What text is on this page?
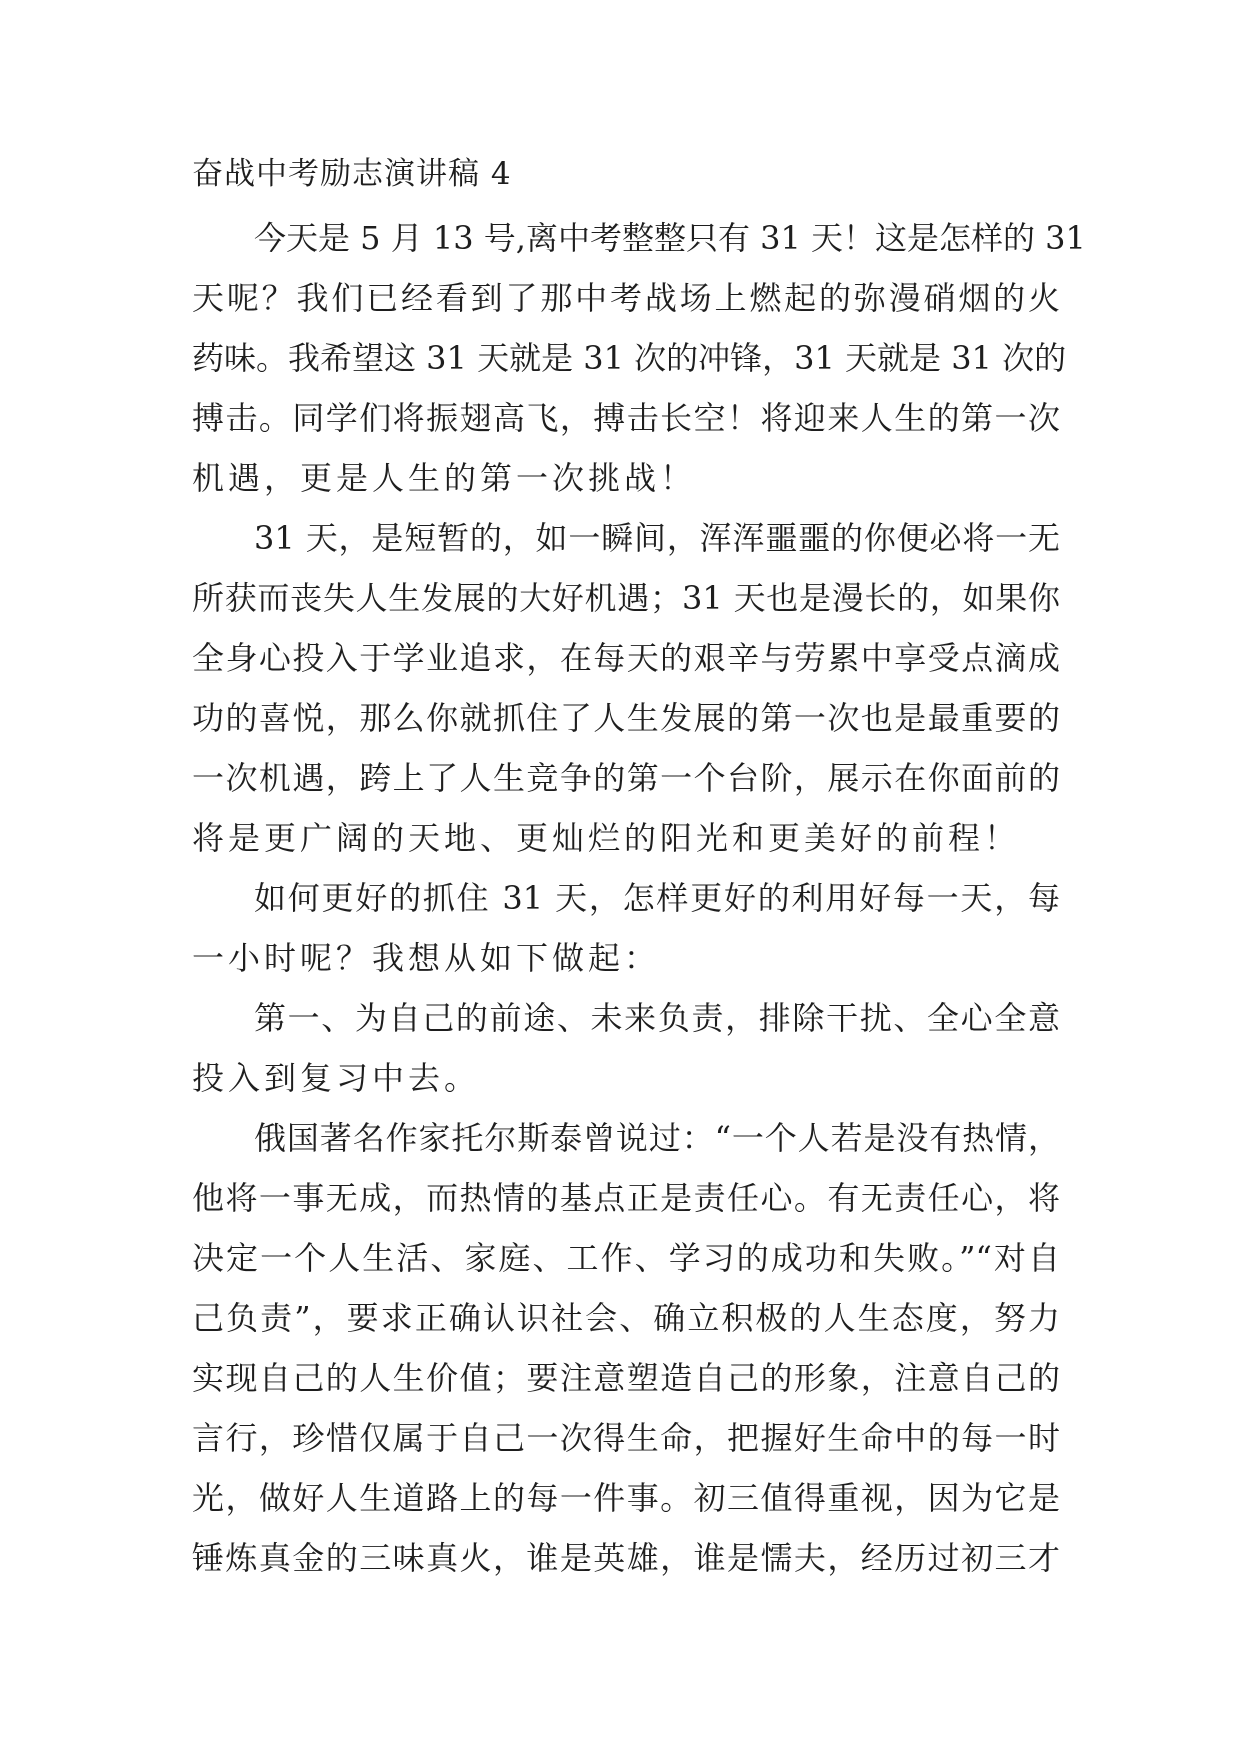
奋战中考励志演讲稿 4
今天是 5 月 13 号,离中考整整只有 31 天！这是怎样的 31
天呢？我们已经看到了那中考战场上燃起的弥漫硝烟的火
药味。我希望这 31 天就是 31 次的冲锋，31 天就是 31 次的
搏击。同学们将振翅高飞，搏击长空！将迎来人生的第一次
机遇，更是人生的第一次挑战！
31 天，是短暂的，如一瞬间，浑浑噩噩的你便必将一无
所获而丧失人生发展的大好机遇；31 天也是漫长的，如果你
全身心投入于学业追求，在每天的艰辛与劳累中享受点滴成
功的喜悦，那么你就抓住了人生发展的第一次也是最重要的
一次机遇，跨上了人生竞争的第一个台阶，展示在你面前的
将是更广阔的天地、更灿烂的阳光和更美好的前程！
如何更好的抓住 31 天，怎样更好的利用好每一天，每
一小时呢？我想从如下做起：
第一、为自己的前途、未来负责，排除干扰、全心全意
投入到复习中去。
俄国著名作家托尔斯泰曾说过：“一个人若是没有热情，
他将一事无成，而热情的基点正是责任心。有无责任心，将
决定一个人生活、家庭、工作、学习的成功和失败。”“对自
己负责”，要求正确认识社会、确立积极的人生态度，努力
实现自己的人生价值；要注意塑造自己的形象，注意自己的
言行，珍惜仅属于自己一次得生命，把握好生命中的每一时
光，做好人生道路上的每一件事。初三值得重视，因为它是
锤炼真金的三味真火，谁是英雄，谁是懦夫，经历过初三才
